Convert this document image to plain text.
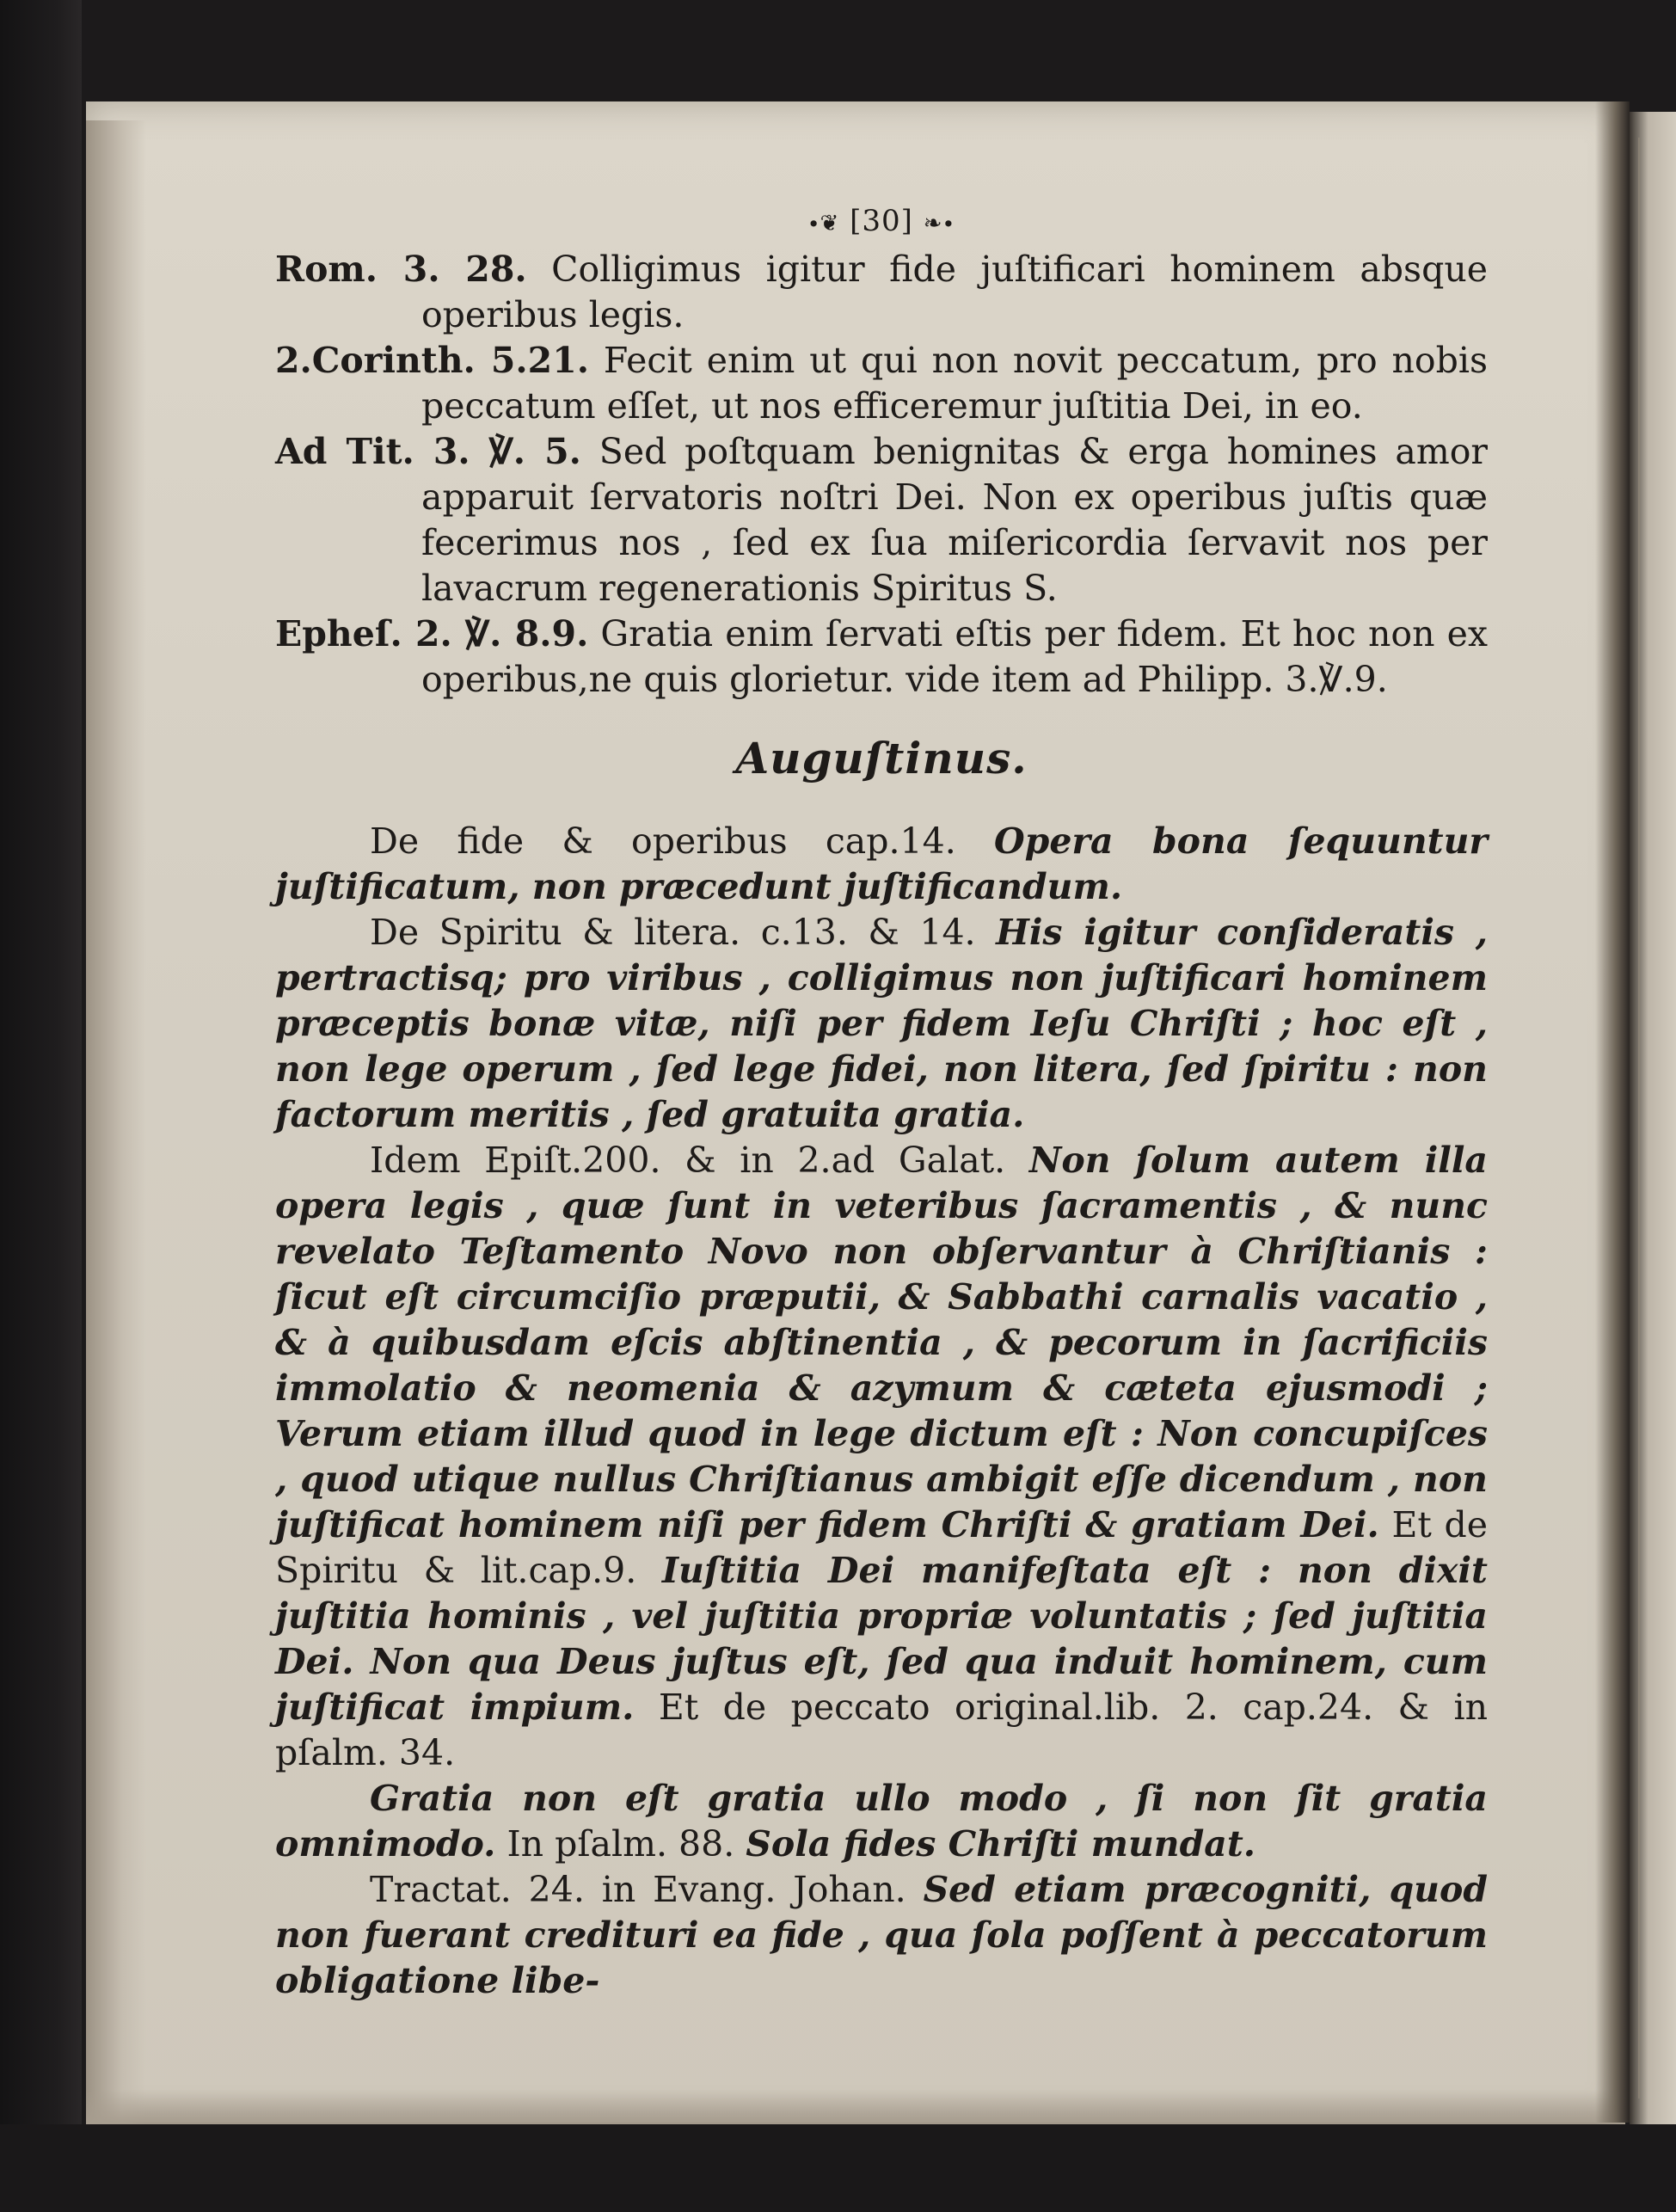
∙❦ [30] ❧∙
Rom. 3. 28. Colligimus igitur fide juſtificari hominem absque operibus legis.
2.Corinth. 5.21. Fecit enim ut qui non novit peccatum, pro nobis peccatum eſſet, ut nos efficeremur juſtitia Dei, in eo.
Ad Tit. 3. ℣. 5. Sed poſtquam benignitas & erga homines amor apparuit ſervatoris noſtri Dei. Non ex operibus juſtis quæ fecerimus nos , ſed ex ſua miſericordia ſervavit nos per lavacrum regenerationis Spiritus S.
Epheſ. 2. ℣. 8.9. Gratia enim ſervati eſtis per fidem. Et hoc non ex operibus,ne quis glorietur. vide item ad Philipp. 3.℣.9.
Auguſtinus.
De fide & operibus cap.14. Opera bona ſequuntur juſtificatum, non præcedunt juſtificandum.
De Spiritu & litera. c.13. & 14. His igitur conſideratis , pertractisq; pro viribus , colligimus non juſtificari hominem præceptis bonæ vitæ, niſi per fidem Ieſu Chriſti ; hoc eſt , non lege operum , ſed lege fidei, non litera, ſed ſpiritu : non factorum meritis , ſed gratuita gratia.
Idem Epiſt.200. & in 2.ad Galat. Non ſolum autem illa opera legis , quæ ſunt in veteribus ſacramentis , & nunc revelato Teſtamento Novo non obſervantur à Chriſtianis : ſicut eſt circumciſio præputii, & Sabbathi carnalis vacatio , & à quibusdam eſcis abſtinentia , & pecorum in ſacrificiis immolatio & neomenia & azymum & cæteta ejusmodi ; Verum etiam illud quod in lege dictum eſt : Non concupiſces , quod utique nullus Chriſtianus ambigit eſſe dicendum , non juſtificat hominem niſi per fidem Chriſti & gratiam Dei. Et de Spiritu & lit.cap.9. Iuſtitia Dei manifeſtata eſt : non dixit juſtitia hominis , vel juſtitia propriæ voluntatis ; ſed juſtitia Dei. Non qua Deus juſtus eſt, ſed qua induit hominem, cum juſtificat impium. Et de peccato original.lib. 2. cap.24. & in pſalm. 34.
Gratia non eſt gratia ullo modo , ſi non ſit gratia omnimodo. In pſalm. 88. Sola fides Chriſti mundat.
Tractat. 24. in Evang. Johan. Sed etiam præcogniti, quod non fuerant credituri ea fide , qua ſola poſſent à peccatorum obligatione libe-
